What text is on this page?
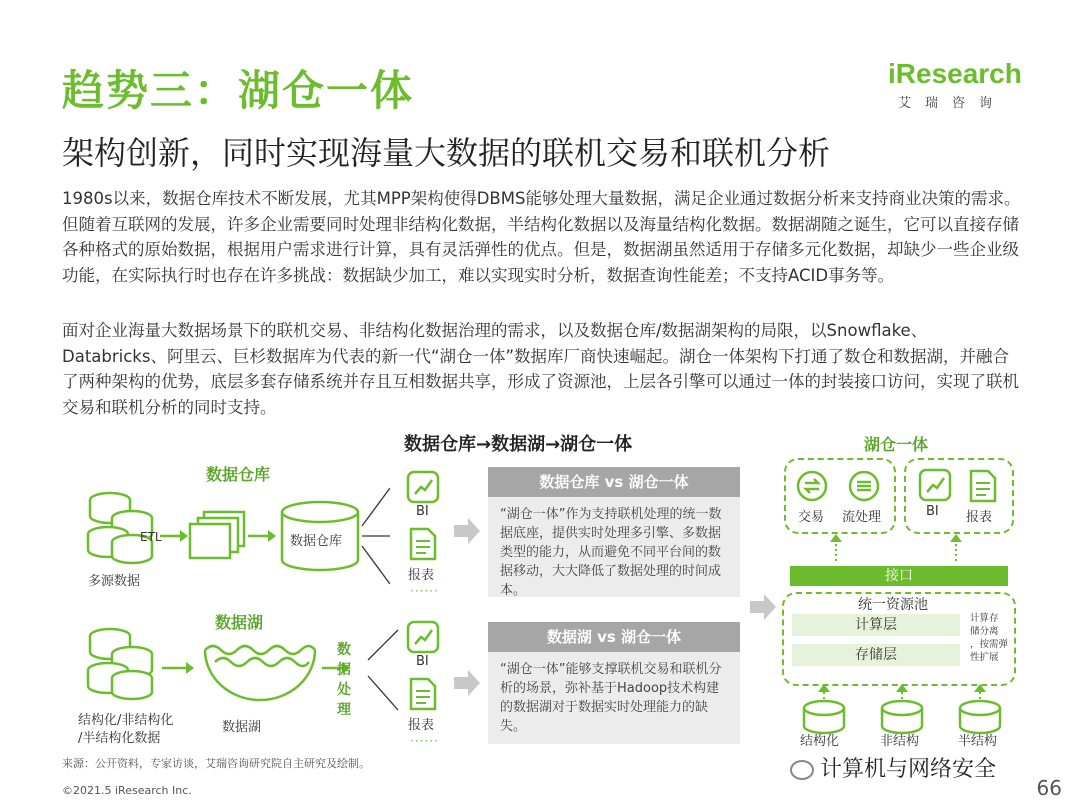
趋势三：湖仓一体	iResearch
艾瑞咨询
架构创新，同时实现海量大数据的联机交易和联机分析
1980s以来，数据仓库技术不断发展，尤其MPP架构使得DBMS能够处理大量数据，满足企业通过数据分析来支持商业决策的需求。但随着互联网的发展，许多企业需要同时处理非结构化数据，半结构化数据以及海量结构化数据。数据湖随之诞生，它可以直接存储各种格式的原始数据，根据用户需求进行计算，具有灵活弹性的优点。但是，数据湖虽然适用于存储多元化数据，却缺少一些企业级功能，在实际执行时也存在许多挑战：数据缺少加工，难以实现实时分析，数据查询性能差；不支持ACID事务等。
面对企业海量大数据场景下的联机交易、非结构化数据治理的需求，以及数据仓库/数据湖架构的局限，以Snowflake、Databricks、阿里云、巨杉数据库为代表的新一代“湖仓一体”数据库厂商快速崛起。湖仓一体架构下打通了数仓和数据湖，并融合了两种架构的优势，底层多套存储系统并存且互相数据共享，形成了资源池，上层各引擎可以通过一体的封装接口访问，实现了联机交易和联机分析的同时支持。
数据仓库→数据湖→湖仓一体
数据仓库
ETL	数据仓库
多源数据
BI
报表
······
数据湖
数
据
处
理
结构化/非结构化
/半结构化数据
数据湖
BI
报表
······
数据仓库 vs 湖仓一体
“湖仓一体”作为支持联机处理的统一数据底座，提供实时处理多引擎、多数据类型的能力，从而避免不同平台间的数据移动，大大降低了数据处理的时间成本。
数据湖 vs 湖仓一体
“湖仓一体”能够支撑联机交易和联机分析的场景，弥补基于Hadoop技术构建的数据湖对于数据实时处理能力的缺失。
湖仓一体
交易 流处理	BI 报表
接口
统一资源池
计算层
存储层
计算存
储分离
，按需弹
性扩展
结构化	非结构	半结构
来源：公开资料，专家访谈，艾瑞咨询研究院自主研究及绘制。
©2021.5 iResearch Inc.
计算机与网络安全
66
